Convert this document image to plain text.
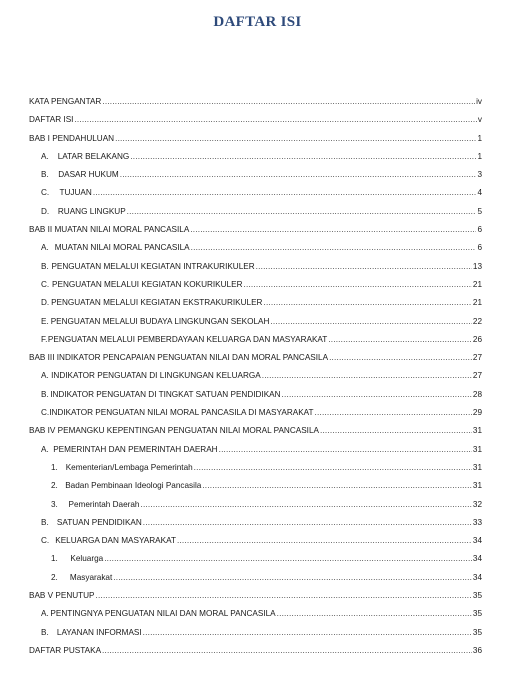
DAFTAR ISI
KATA PENGANTAR .....	iv
DAFTAR ISI .....	v
BAB I PENDAHULUAN .....	1
A.	LATAR BELAKANG .....	1
B.	DASAR HUKUM .....	3
C.	TUJUAN .....	4
D.	RUANG LINGKUP .....	5
BAB II MUATAN NILAI MORAL PANCASILA .....	6
A. MUATAN NILAI MORAL PANCASILA .....	6
B. PENGUATAN MELALUI KEGIATAN INTRAKURIKULER .....	13
C. PENGUATAN MELALUI KEGIATAN KOKURIKULER .....	21
D. PENGUATAN MELALUI KEGIATAN EKSTRAKURIKULER .....	21
E. PENGUATAN MELALUI BUDAYA LINGKUNGAN SEKOLAH .....	22
F. PENGUATAN MELALUI PEMBERDAYAAN KELUARGA DAN MASYARAKAT .....	26
BAB III INDIKATOR PENCAPAIAN PENGUATAN NILAI DAN MORAL PANCASILA .....	27
A. INDIKATOR PENGUATAN DI LINGKUNGAN KELUARGA .....	27
B. INDIKATOR PENGUATAN DI TINGKAT SATUAN PENDIDIKAN .....	28
C. INDIKATOR PENGUATAN NILAI MORAL PANCASILA DI MASYARAKAT .....	29
BAB IV PEMANGKU KEPENTINGAN PENGUATAN NILAI MORAL PANCASILA .....	31
A. PEMERINTAH DAN PEMERINTAH DAERAH .....	31
1. Kementerian/Lembaga Pemerintah .....	31
2. Badan Pembinaan Ideologi Pancasila .....	31
3.	Pemerintah Daerah .....	32
B. SATUAN PENDIDIKAN .....	33
C. KELUARGA DAN MASYARAKAT .....	34
1.	Keluarga .....	34
2.	Masyarakat .....	34
BAB V PENUTUP .....	35
A. PENTINGNYA PENGUATAN NILAI DAN MORAL PANCASILA .....	35
B. LAYANAN INFORMASI .....	35
DAFTAR PUSTAKA .....	36
